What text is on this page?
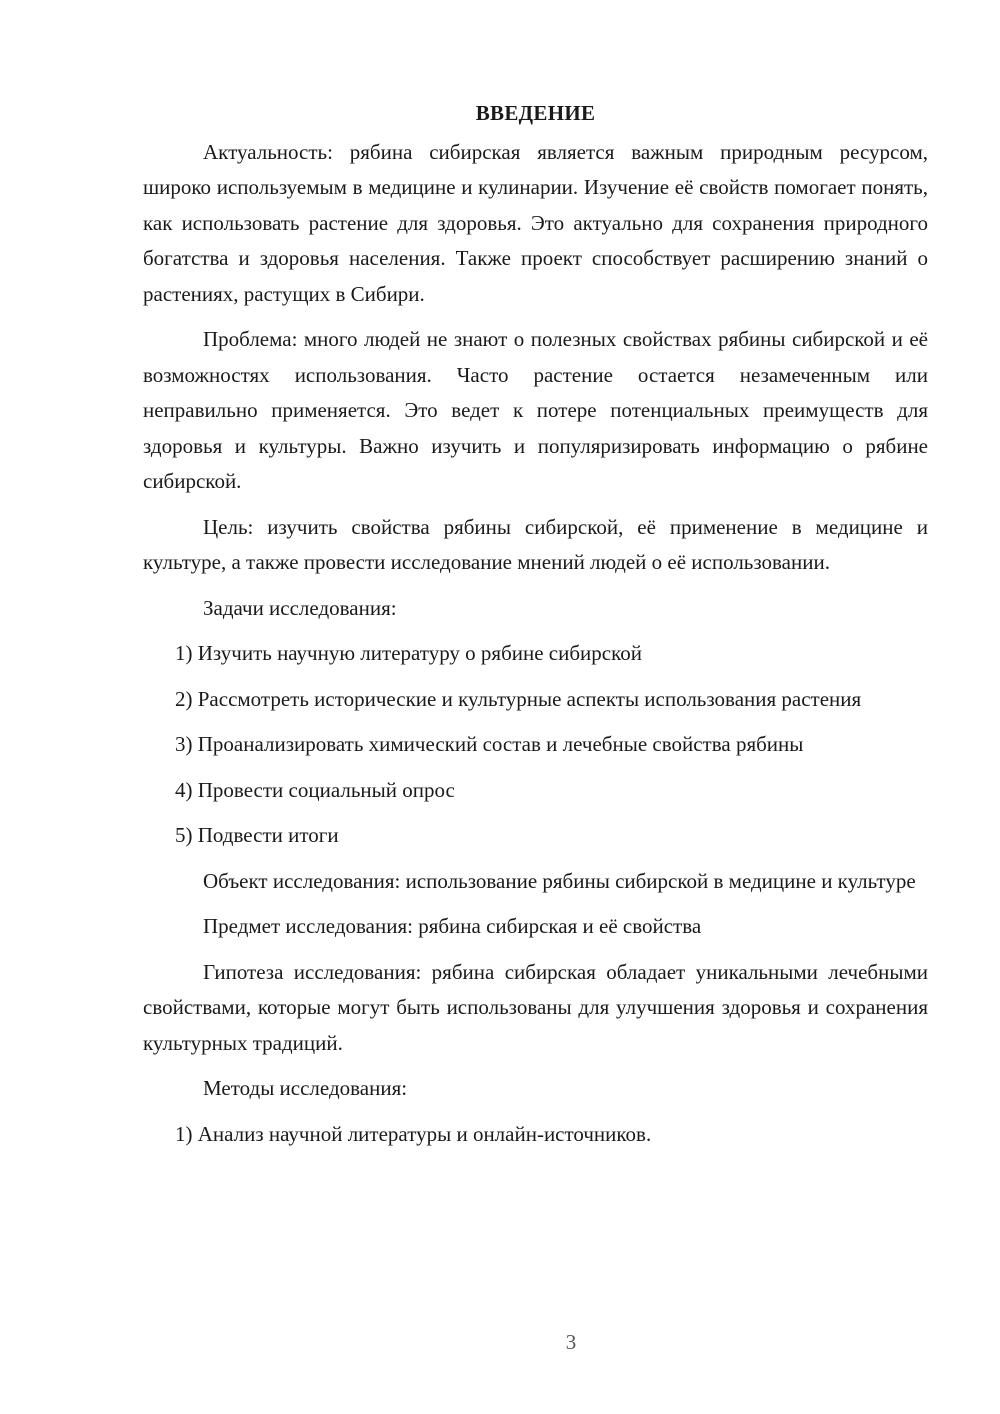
ВВЕДЕНИЕ

Актуальность: рябина сибирская является важным природным ресурсом, широко используемым в медицине и кулинарии. Изучение её свойств помогает понять, как использовать растение для здоровья. Это актуально для сохранения природного богатства и здоровья населения. Также проект способствует расширению знаний о растениях, растущих в Сибири.

Проблема: много людей не знают о полезных свойствах рябины сибирской и её возможностях использования. Часто растение остается незамеченным или неправильно применяется. Это ведет к потере потенциальных преимуществ для здоровья и культуры. Важно изучить и популяризировать информацию о рябине сибирской.

Цель: изучить свойства рябины сибирской, её применение в медицине и культуре, а также провести исследование мнений людей о её использовании.

Задачи исследования:

1) Изучить научную литературу о рябине сибирской

2) Рассмотреть исторические и культурные аспекты использования растения

3) Проанализировать химический состав и лечебные свойства рябины

4) Провести социальный опрос

5) Подвести итоги

Объект исследования: использование рябины сибирской в медицине и культуре

Предмет исследования: рябина сибирская и её свойства

Гипотеза исследования: рябина сибирская обладает уникальными лечебными свойствами, которые могут быть использованы для улучшения здоровья и сохранения культурных традиций.

Методы исследования:

1) Анализ научной литературы и онлайн-источников.

3
